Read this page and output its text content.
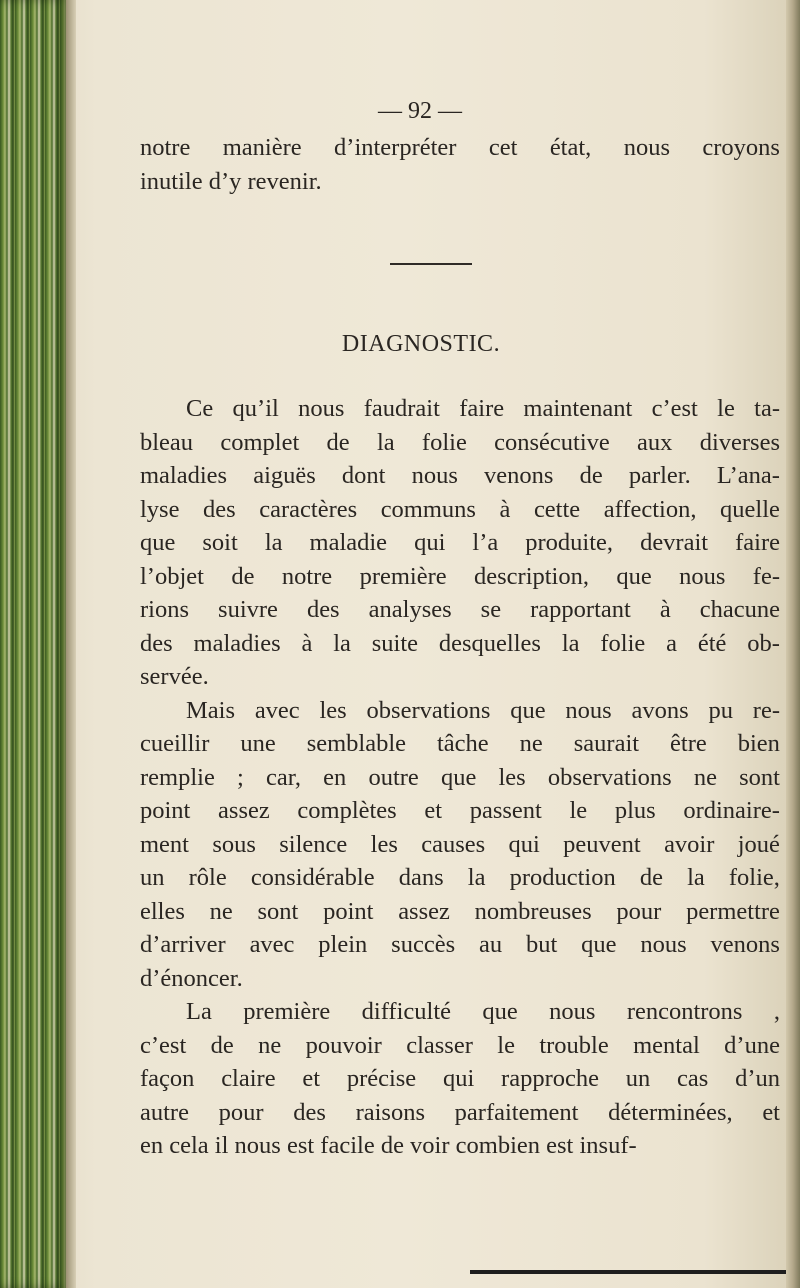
— 92 —
notre manière d’interpréter cet état, nous croyons
inutile d’y revenir.
DIAGNOSTIC.
Ce qu’il nous faudrait faire maintenant c’est le ta-
bleau complet de la folie consécutive aux diverses
maladies aiguës dont nous venons de parler. L’ana-
lyse des caractères communs à cette affection, quelle
que soit la maladie qui l’a produite, devrait faire
l’objet de notre première description, que nous fe-
rions suivre des analyses se rapportant à chacune
des maladies à la suite desquelles la folie a été ob-
servée.
Mais avec les observations que nous avons pu re-
cueillir une semblable tâche ne saurait être bien
remplie ; car, en outre que les observations ne sont
point assez complètes et passent le plus ordinaire-
ment sous silence les causes qui peuvent avoir joué
un rôle considérable dans la production de la folie,
elles ne sont point assez nombreuses pour permettre
d’arriver avec plein succès au but que nous venons
d’énoncer.
La première difficulté que nous rencontrons ,
c’est de ne pouvoir classer le trouble mental d’une
façon claire et précise qui rapproche un cas d’un
autre pour des raisons parfaitement déterminées, et
en cela il nous est facile de voir combien est insuf-
